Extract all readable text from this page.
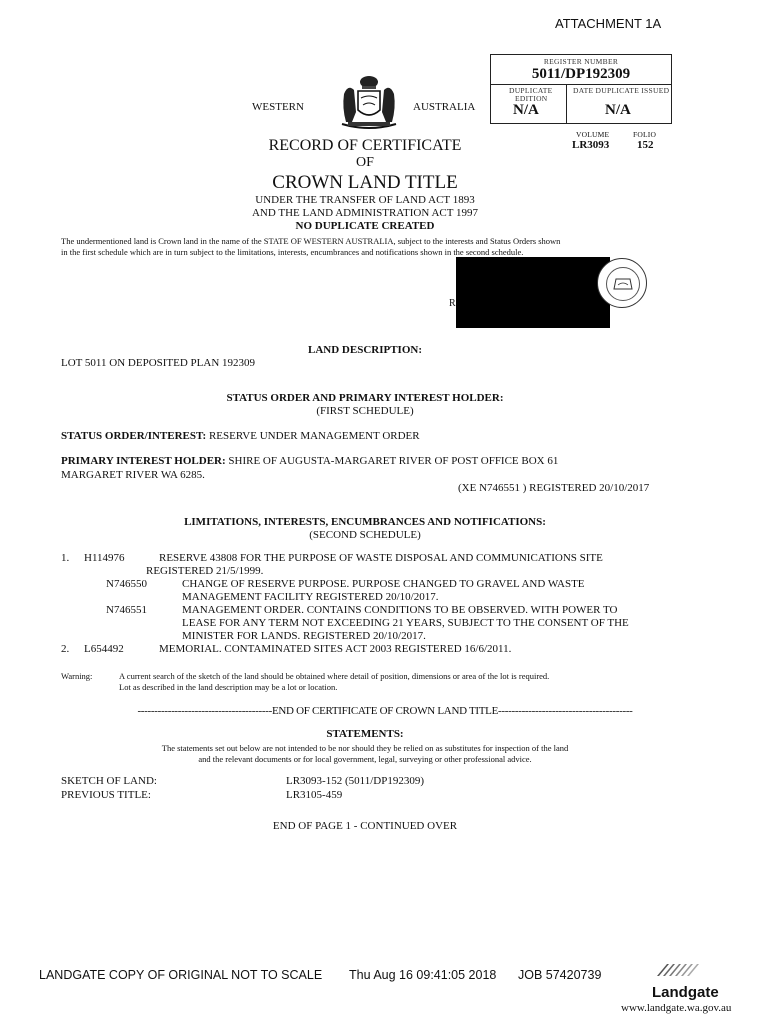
ATTACHMENT 1A
REGISTER NUMBER
5011/DP192309
DUPLICATE
EDITION
N/A
DATE DUPLICATE ISSUED
N/A
VOLUME	FOLIO
LR3093	152
WESTERN	AUSTRALIA
RECORD OF CERTIFICATE
OF
CROWN LAND TITLE
UNDER THE TRANSFER OF LAND ACT 1893
AND THE LAND ADMINISTRATION ACT 1997
NO DUPLICATE CREATED
The undermentioned land is Crown land in the name of the STATE OF WESTERN AUSTRALIA, subject to the interests and Status Orders shown
in the first schedule which are in turn subject to the limitations, interests, encumbrances and notifications shown in the second schedule.
R
LAND DESCRIPTION:
LOT 5011 ON DEPOSITED PLAN 192309
STATUS ORDER AND PRIMARY INTEREST HOLDER:
(FIRST SCHEDULE)
STATUS ORDER/INTEREST: RESERVE UNDER MANAGEMENT ORDER
PRIMARY INTEREST HOLDER: SHIRE OF AUGUSTA-MARGARET RIVER OF POST OFFICE BOX 61
MARGARET RIVER WA 6285.
(XE N746551 ) REGISTERED 20/10/2017
LIMITATIONS, INTERESTS, ENCUMBRANCES AND NOTIFICATIONS:
(SECOND SCHEDULE)
1. H114976	RESERVE 43808 FOR THE PURPOSE OF WASTE DISPOSAL AND COMMUNICATIONS SITE
REGISTERED 21/5/1999.
N746550	CHANGE OF RESERVE PURPOSE. PURPOSE CHANGED TO GRAVEL AND WASTE
MANAGEMENT FACILITY REGISTERED 20/10/2017.
N746551	MANAGEMENT ORDER. CONTAINS CONDITIONS TO BE OBSERVED. WITH POWER TO
LEASE FOR ANY TERM NOT EXCEEDING 21 YEARS, SUBJECT TO THE CONSENT OF THE
MINISTER FOR LANDS. REGISTERED 20/10/2017.
2. L654492	MEMORIAL. CONTAMINATED SITES ACT 2003 REGISTERED 16/6/2011.
Warning:	A current search of the sketch of the land should be obtained where detail of position, dimensions or area of the lot is required.
Lot as described in the land description may be a lot or location.
----------------------------------------END OF CERTIFICATE OF CROWN LAND TITLE----------------------------------------
STATEMENTS:
The statements set out below are not intended to be nor should they be relied on as substitutes for inspection of the land
and the relevant documents or for local government, legal, surveying or other professional advice.
SKETCH OF LAND:	LR3093-152 (5011/DP192309)
PREVIOUS TITLE:	LR3105-459
END OF PAGE 1 - CONTINUED OVER
LANDGATE COPY OF ORIGINAL NOT TO SCALE Thu Aug 16 09:41:05 2018 JOB 57420739
Landgate
www.landgate.wa.gov.au
